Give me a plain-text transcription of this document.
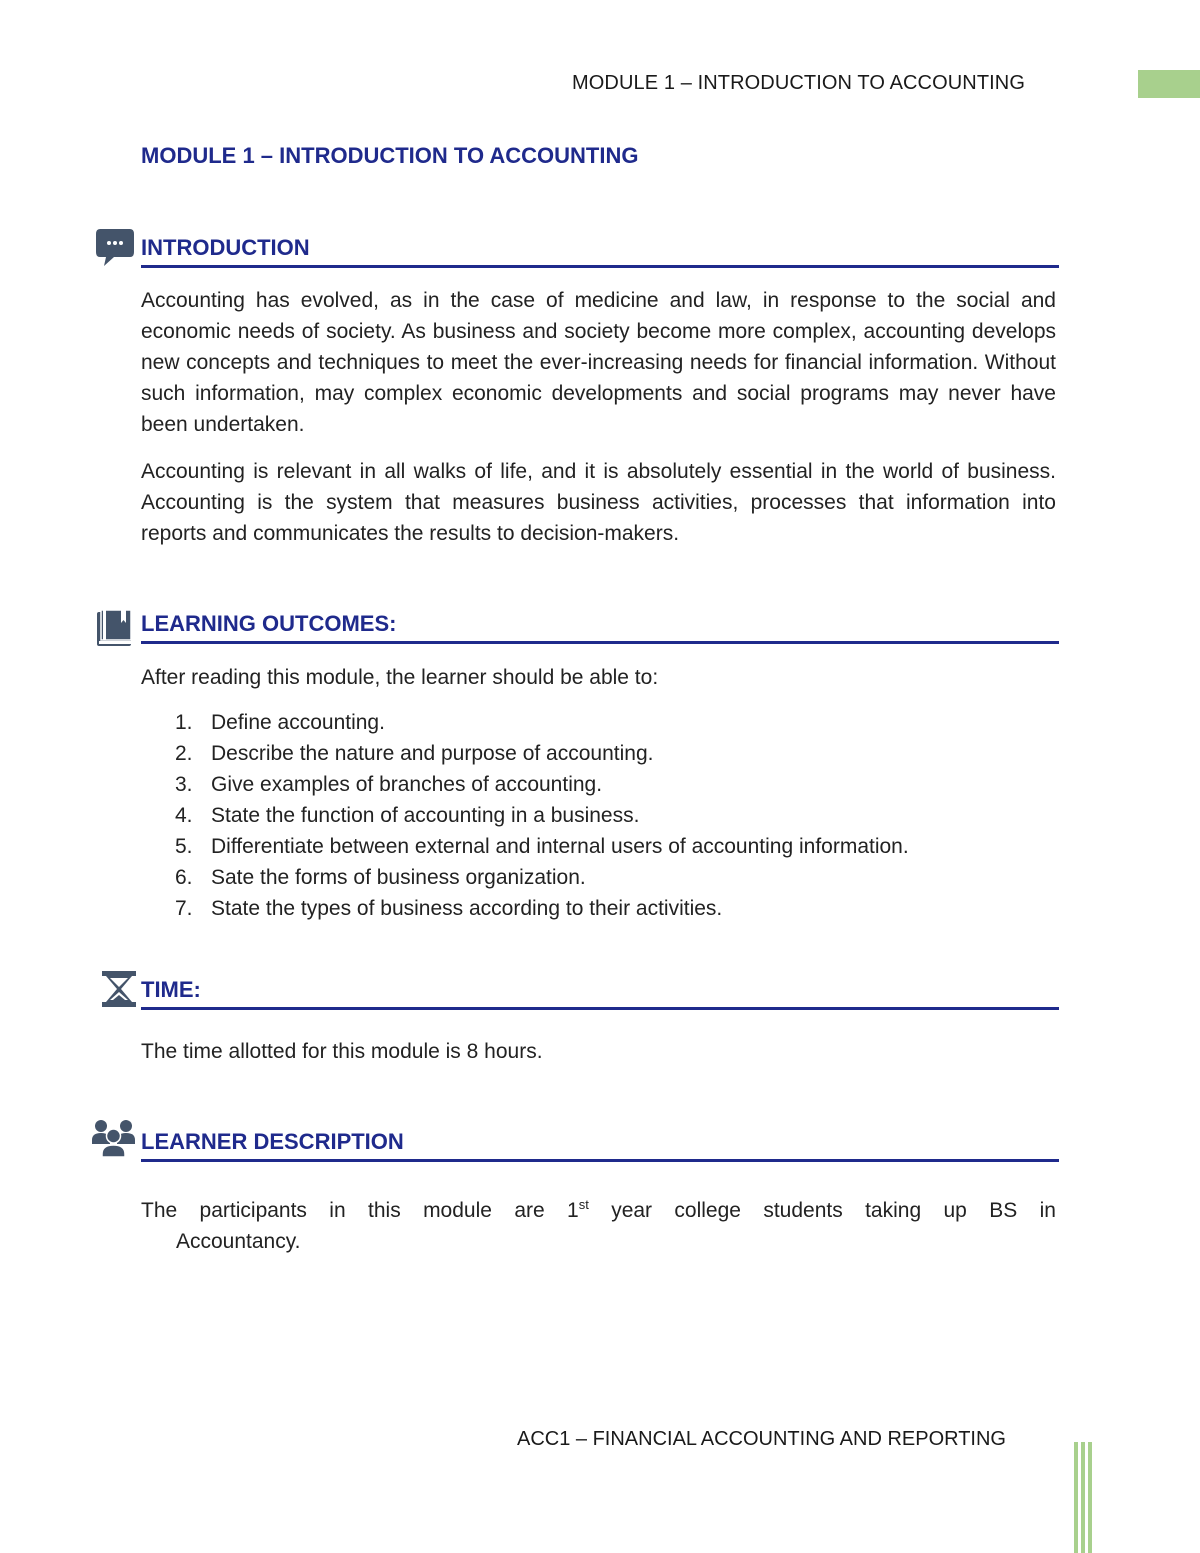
MODULE 1 – INTRODUCTION TO ACCOUNTING
MODULE 1 – INTRODUCTION TO ACCOUNTING
INTRODUCTION

Accounting has evolved, as in the case of medicine and law, in response to the social and economic needs of society. As business and society become more complex, accounting develops new concepts and techniques to meet the ever-increasing needs for financial information. Without such information, may complex economic developments and social programs may never have been undertaken.

Accounting is relevant in all walks of life, and it is absolutely essential in the world of business. Accounting is the system that measures business activities, processes that information into reports and communicates the results to decision-makers.

LEARNING OUTCOMES:

After reading this module, the learner should be able to:

1. Define accounting.
2. Describe the nature and purpose of accounting.
3. Give examples of branches of accounting.
4. State the function of accounting in a business.
5. Differentiate between external and internal users of accounting information.
6. Sate the forms of business organization.
7. State the types of business according to their activities.
TIME:

The time allotted for this module is 8 hours.

LEARNER DESCRIPTION
The participants in this module are 1st year college students taking up BS in
Accountancy.
ACC1 – FINANCIAL ACCOUNTING AND REPORTING
